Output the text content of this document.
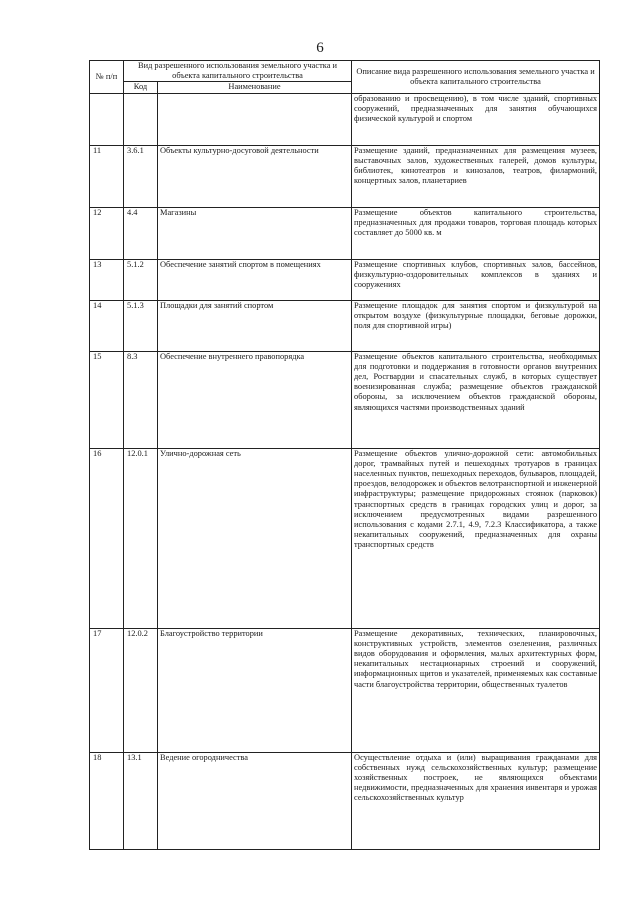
6
№ п/п	Вид разрешенного использования земельного участка и объекта капитального строительства		Описание вида разрешенного использования земельного участка и объекта капитального строительства
	Код	Наименование	
			образованию и просвещению), в том числе зданий, спортивных сооружений, предназначенных для занятия обучающихся физической культурой и спортом
11	3.6.1	Объекты культурно-досуговой деятельности	Размещение зданий, предназначенных для размещения музеев, выставочных залов, художественных галерей, домов культуры, библиотек, кинотеатров и кинозалов, театров, филармоний, концертных залов, планетариев
12	4.4	Магазины	Размещение объектов капитального строительства, предназначенных для продажи товаров, торговая площадь которых составляет до 5000 кв. м
13	5.1.2	Обеспечение занятий спортом в помещениях	Размещение спортивных клубов, спортивных залов, бассейнов, физкультурно-оздоровительных комплексов в зданиях и сооружениях
14	5.1.3	Площадки для занятий спортом	Размещение площадок для занятия спортом и физкультурой на открытом воздухе (физкультурные площадки, беговые дорожки, поля для спортивной игры)
15	8.3	Обеспечение внутреннего правопорядка	Размещение объектов капитального строительства, необходимых для подготовки и поддержания в готовности органов внутренних дел, Росгвардии и спасательных служб, в которых существует военизированная служба; размещение объектов гражданской обороны, за исключением объектов гражданской обороны, являющихся частями производственных зданий
16	12.0.1	Улично-дорожная сеть	Размещение объектов улично-дорожной сети: автомобильных дорог, трамвайных путей и пешеходных тротуаров в границах населенных пунктов, пешеходных переходов, бульваров, площадей, проездов, велодорожек и объектов велотранспортной и инженерной инфраструктуры; размещение придорожных стоянок (парковок) транспортных средств в границах городских улиц и дорог, за исключением предусмотренных видами разрешенного использования с кодами 2.7.1, 4.9, 7.2.3 Классификатора, а также некапитальных сооружений, предназначенных для охраны транспортных средств
17	12.0.2	Благоустройство территории	Размещение декоративных, технических, планировочных, конструктивных устройств, элементов озеленения, различных видов оборудования и оформления, малых архитектурных форм, некапитальных нестационарных строений и сооружений, информационных щитов и указателей, применяемых как составные части благоустройства территории, общественных туалетов
18	13.1	Ведение огородничества	Осуществление отдыха и (или) выращивания гражданами для собственных нужд сельскохозяйственных культур; размещение хозяйственных построек, не являющихся объектами недвижимости, предназначенных для хранения инвентаря и урожая сельскохозяйственных культур
